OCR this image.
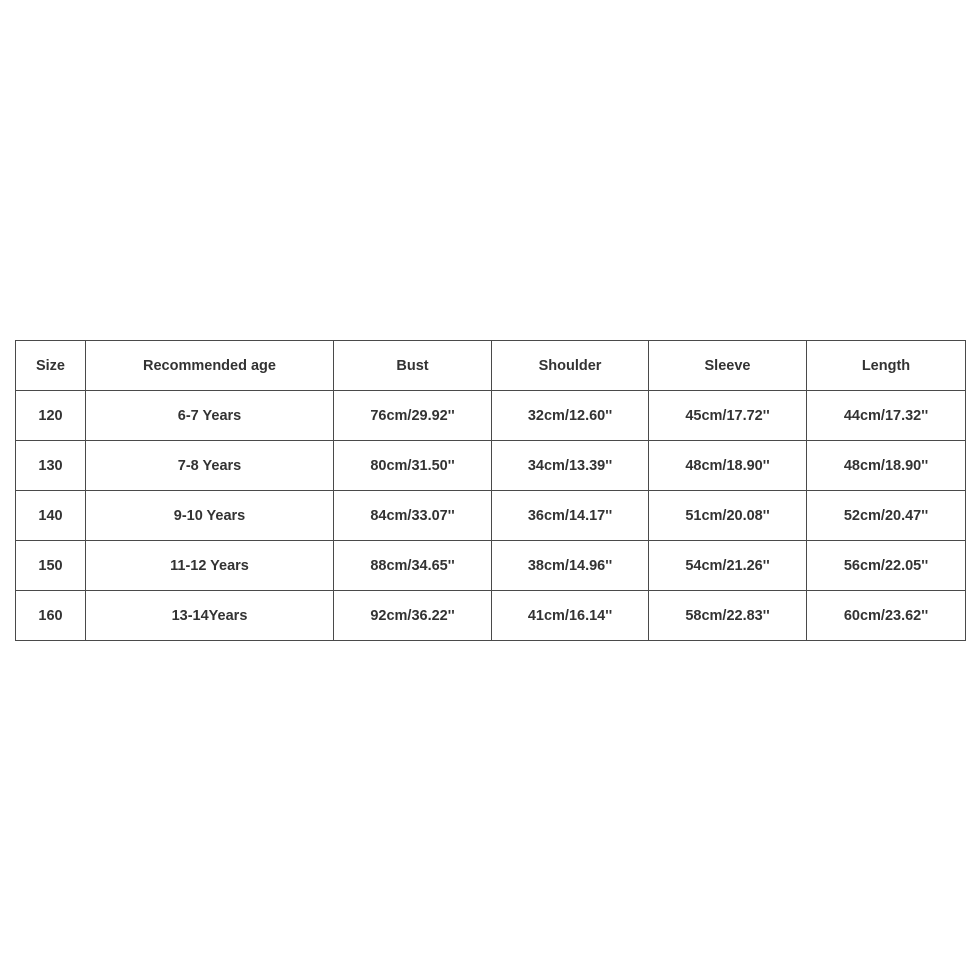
Size	Recommended age	Bust	Shoulder	Sleeve	Length
120	6-7 Years	76cm/29.92''	32cm/12.60''	45cm/17.72''	44cm/17.32''
130	7-8 Years	80cm/31.50''	34cm/13.39''	48cm/18.90''	48cm/18.90''
140	9-10 Years	84cm/33.07''	36cm/14.17''	51cm/20.08''	52cm/20.47''
150	11-12 Years	88cm/34.65''	38cm/14.96''	54cm/21.26''	56cm/22.05''
160	13-14Years	92cm/36.22''	41cm/16.14''	58cm/22.83''	60cm/23.62''
